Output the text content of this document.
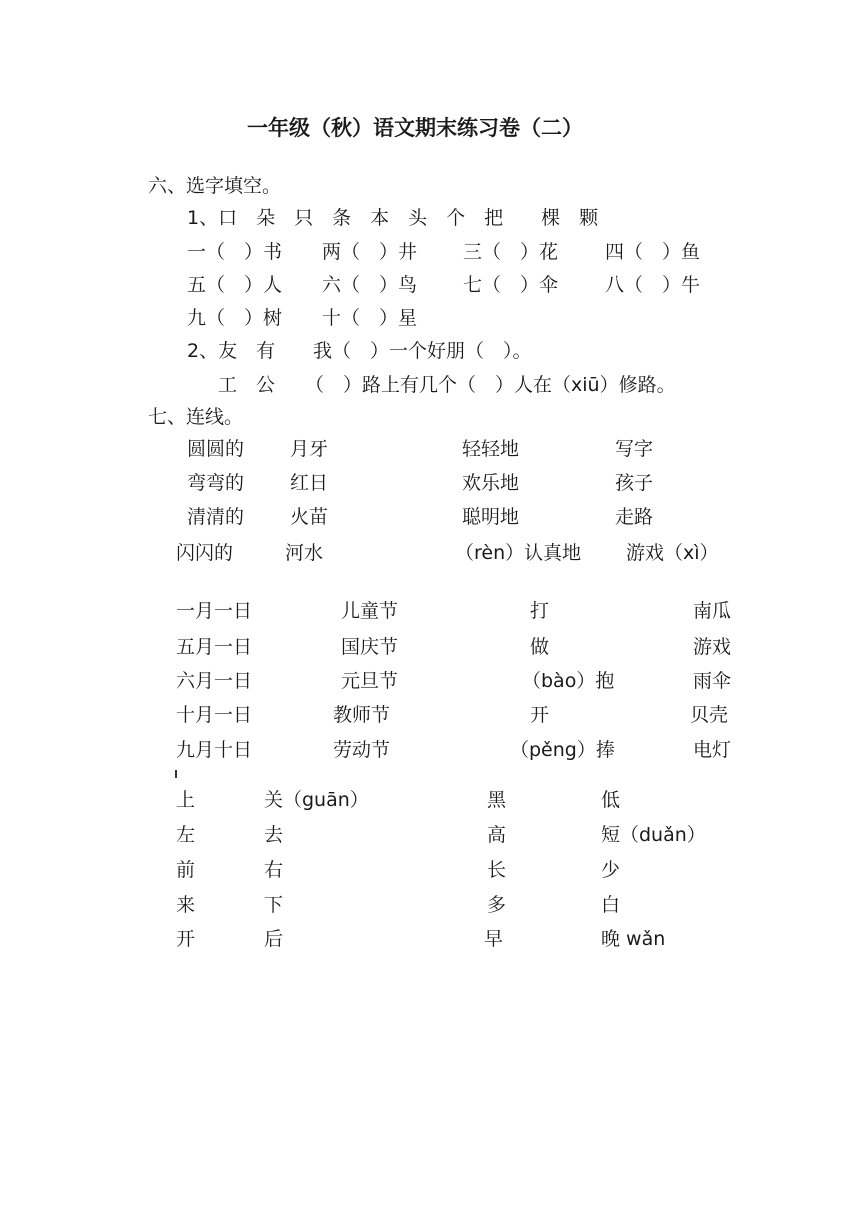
一年级（秋）语文期末练习卷（二）
六、选字填空。
1、口　朵　只　条　本　头　个　把　　棵　颗
一（　）书 两（　）井 三（　）花 四（　）鱼
五（　）人 六（　）鸟 七（　）伞 八（　）牛
九（　）树 十（　）星
2、友　有 我（　）一个好朋（　）。
工　公 （　）路上有几个（　）人在（xiū）修路。
七、连线。
圆圆的 月牙	轻轻地	写字
弯弯的 红日	欢乐地	孩子
清清的 火苗	聪明地	走路
闪闪的	河水	（rèn）认真地 游戏（xì）
一月一日	儿童节	打	南瓜
五月一日	国庆节	做	游戏
六月一日	元旦节	（bào）抱	雨伞
十月一日	教师节	开	贝壳
九月十日	劳动节	（pěng）捧	电灯
上	关（guān）	黑	低
左	去	高	短（duǎn）
前	右	长	少
来	下	多	白
开	后	早	晚 wǎn
